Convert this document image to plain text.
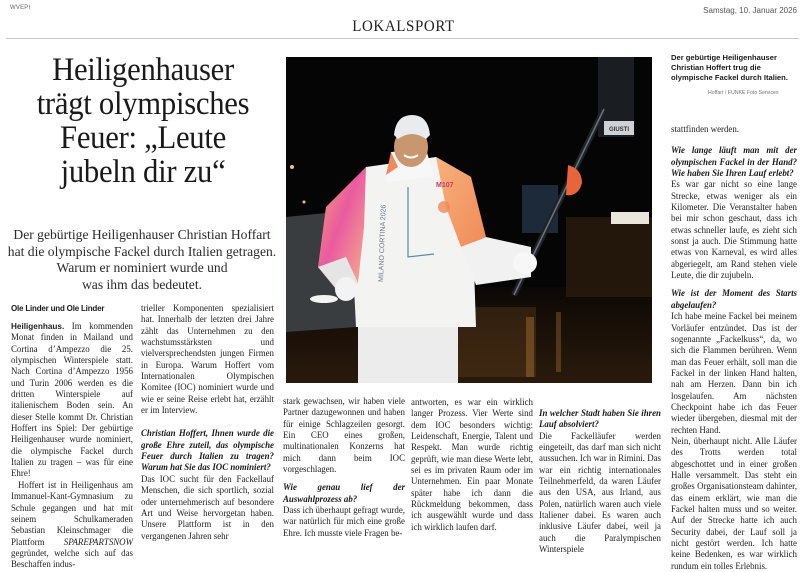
WVEPI	Samstag, 10. Januar 2026
LOKALSPORT
Heiligenhauser
trägt olympisches
Feuer: „Leute
jubeln dir zu“
Der gebürtige Heiligenhauser Christian Hoffart
hat die olympische Fackel durch Italien getragen.
Warum er nominiert wurde und
was ihm das bedeutet.
Ole Linder und Ole Linder

Heiligenhaus. Im kommenden Monat finden in Mailand und Cortina d’Ampezzo die 25. olympischen Winterspiele statt. Nach Cortina d’Ampezzo 1956 und Turin 2006 werden es die dritten Winterspiele auf italienischem Boden sein. An dieser Stelle kommt Dr. Christian Hoffert ins Spiel: Der gebürtige Heiligenhauser wurde nominiert, die olympische Fackel durch Italien zu tragen – was für eine Ehre!

Hoffert ist in Heiligenhaus am Immanuel-Kant-Gymnasium zu Schule gegangen und hat mit seinem Schulkameraden Sebastian Kleinschmager die Plattform SPAREPARTSNOW gegründet, welche sich auf das Beschaffen indus-

trieller Komponenten spezialisiert hat. Innerhalb der letzten drei Jahre zählt das Unternehmen zu den wachstumsstärksten und vielversprechendsten jungen Firmen in Europa. Warum Hoffert vom Internationalen Olympischen Komitee (IOC) nominiert wurde und wie er seine Reise erlebt hat, erzählt er im Interview.

Christian Hoffert, Ihnen wurde die große Ehre zuteil, das olympische Feuer durch Italien zu tragen? Warum hat Sie das IOC nominiert?

Das IOC sucht für den Fackellauf Menschen, die sich sportlich, sozial oder unternehmerisch auf besondere Art und Weise hervorgetan haben. Unsere Plattform ist in den vergangenen Jahren sehr

GIUSTI
MILANO CORTINA 2026
M107
Der gebürtige Heiligenhauser Christian Hoffert trug die olympische Fackel durch Italien.
Hoffart / FUNKE Foto Services

stark gewachsen, wir haben viele Partner dazugewonnen und haben für einige Schlagzeilen gesorgt. Ein CEO eines großen, multinationalen Konzerns hat mich dann beim IOC vorgeschlagen.

Wie genau lief der Auswahlprozess ab?

Dass ich überhaupt gefragt wurde, war natürlich für mich eine große Ehre. Ich musste viele Fragen be-

antworten, es war ein wirklich langer Prozess. Vier Werte sind dem IOC besonders wichtig: Leidenschaft, Energie, Talent und Respekt. Man wurde richtig geprüft, wie man diese Werte lebt, sei es im privaten Raum oder im Unternehmen. Ein paar Monate später habe ich dann die Rückmeldung bekommen, dass ich ausgewählt wurde und dass ich wirklich laufen darf.

In welcher Stadt haben Sie ihren Lauf absolviert?

Die Fackelläufer werden eingeteilt, das darf man sich nicht aussuchen. Ich war in Rimini. Das war ein richtig internationales Teilnehmerfeld, da waren Läufer aus den USA, aus Irland, aus Polen, natürlich waren auch viele Italiener dabei. Es waren auch inklusive Läufer dabei, weil ja auch die Paralympischen Winterspiele

stattfinden werden.

Wie lange läuft man mit der olympischen Fackel in der Hand? Wie haben Sie Ihren Lauf erlebt?

Es war gar nicht so eine lange Strecke, etwas weniger als ein Kilometer. Die Veranstalter haben bei mir schon geschaut, dass ich etwas schneller laufe, es zieht sich sonst ja auch. Die Stimmung hatte etwas von Karneval, es wird alles abgeriegelt, am Rand stehen viele Leute, die dir zujubeln.

Wie ist der Moment des Starts abgelaufen?

Ich habe meine Fackel bei meinem Vorläufer entzündet. Das ist der sogenannte „Fackelkuss“, da, wo sich die Flammen berühren. Wenn man das Feuer erhält, soll man die Fackel in der linken Hand halten, nah am Herzen. Dann bin ich losgelaufen. Am nächsten Checkpoint habe ich das Feuer wieder übergeben, diesmal mit der rechten Hand.

Nein, überhaupt nicht. Alle Läufer des Trotts werden total abgeschottet und in einer großen Halle versammelt. Das steht ein großes Organisationsteam dahinter, das einem erklärt, wie man die Fackel halten muss und so weiter. Auf der Strecke hatte ich auch Security dabei, der Lauf soll ja nicht gestört werden. Ich hatte keine Bedenken, es war wirklich rundum ein tolles Erlebnis.
